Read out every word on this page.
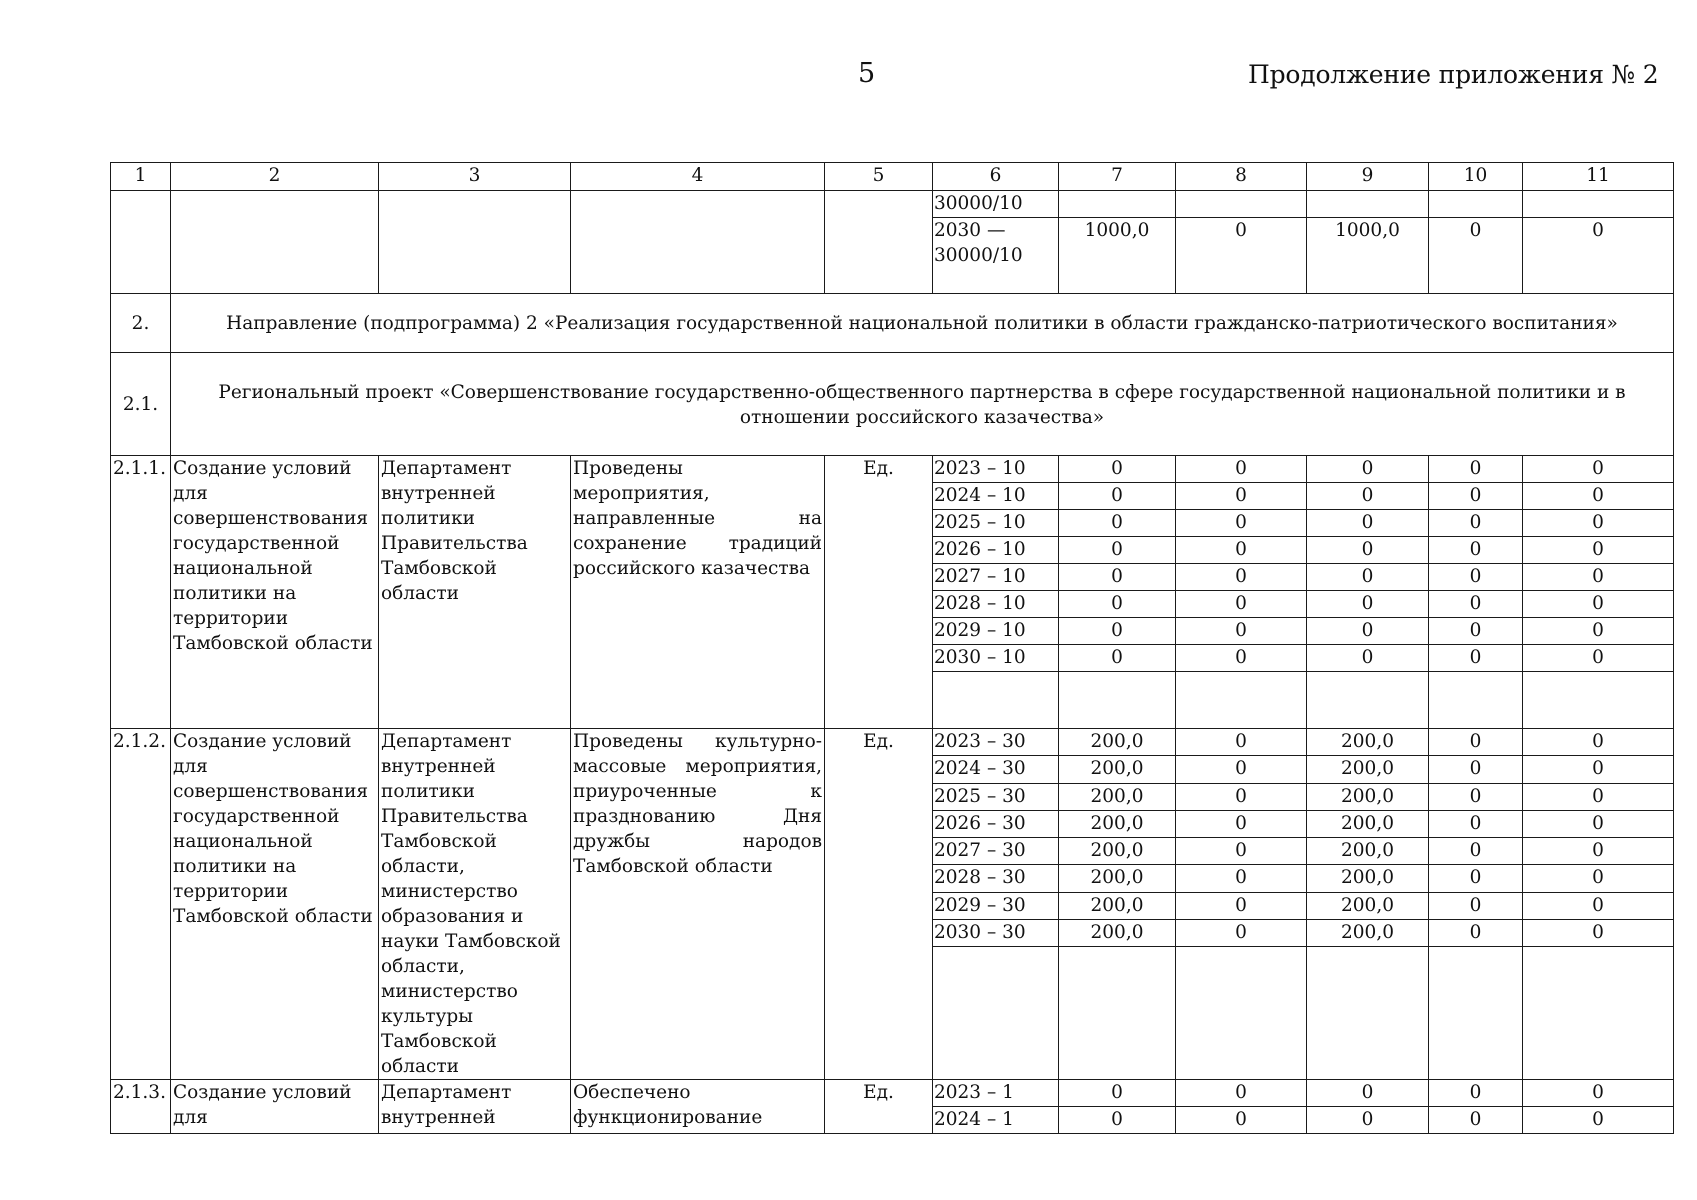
5	Продолжение приложения № 2
1	2	3	4	5	6	7	8	9	10	11
					30000/10					
					2030 — 30000/10	1000,0	0	1000,0	0	0
2.	Направление (подпрограмма) 2 «Реализация государственной национальной политики в области гражданско-патриотического воспитания»									
2.1.	Региональный проект «Совершенствование государственно-общественного партнерства в сфере государственной национальной политики и в отношении российского казачества»									
2.1.1.	Создание условий для совершенствования государственной национальной политики на территории Тамбовской области	Департамент внутренней политики Правительства Тамбовской области	Проведены мероприятия, направленные на сохранение традиций российского казачества	Ед.	2023 – 10	0	0	0	0	0
					2024 – 10	0	0	0	0	0
					2025 – 10	0	0	0	0	0
					2026 – 10	0	0	0	0	0
					2027 – 10	0	0	0	0	0
					2028 – 10	0	0	0	0	0
					2029 – 10	0	0	0	0	0
					2030 – 10	0	0	0	0	0

2.1.2.	Создание условий для совершенствования государственной национальной политики на территории Тамбовской области	Департамент внутренней политики Правительства Тамбовской области, министерство образования и науки Тамбовской области, министерство культуры Тамбовской области	Проведены культурно-массовые мероприятия, приуроченные к празднованию Дня дружбы народов Тамбовской области	Ед.	2023 – 30	200,0	0	200,0	0	0
					2024 – 30	200,0	0	200,0	0	0
					2025 – 30	200,0	0	200,0	0	0
					2026 – 30	200,0	0	200,0	0	0
					2027 – 30	200,0	0	200,0	0	0
					2028 – 30	200,0	0	200,0	0	0
					2029 – 30	200,0	0	200,0	0	0
					2030 – 30	200,0	0	200,0	0	0

2.1.3.	Создание условий для	Департамент внутренней	Обеспечено функционирование	Ед.	2023 – 1	0	0	0	0	0
					2024 – 1	0	0	0	0	0
